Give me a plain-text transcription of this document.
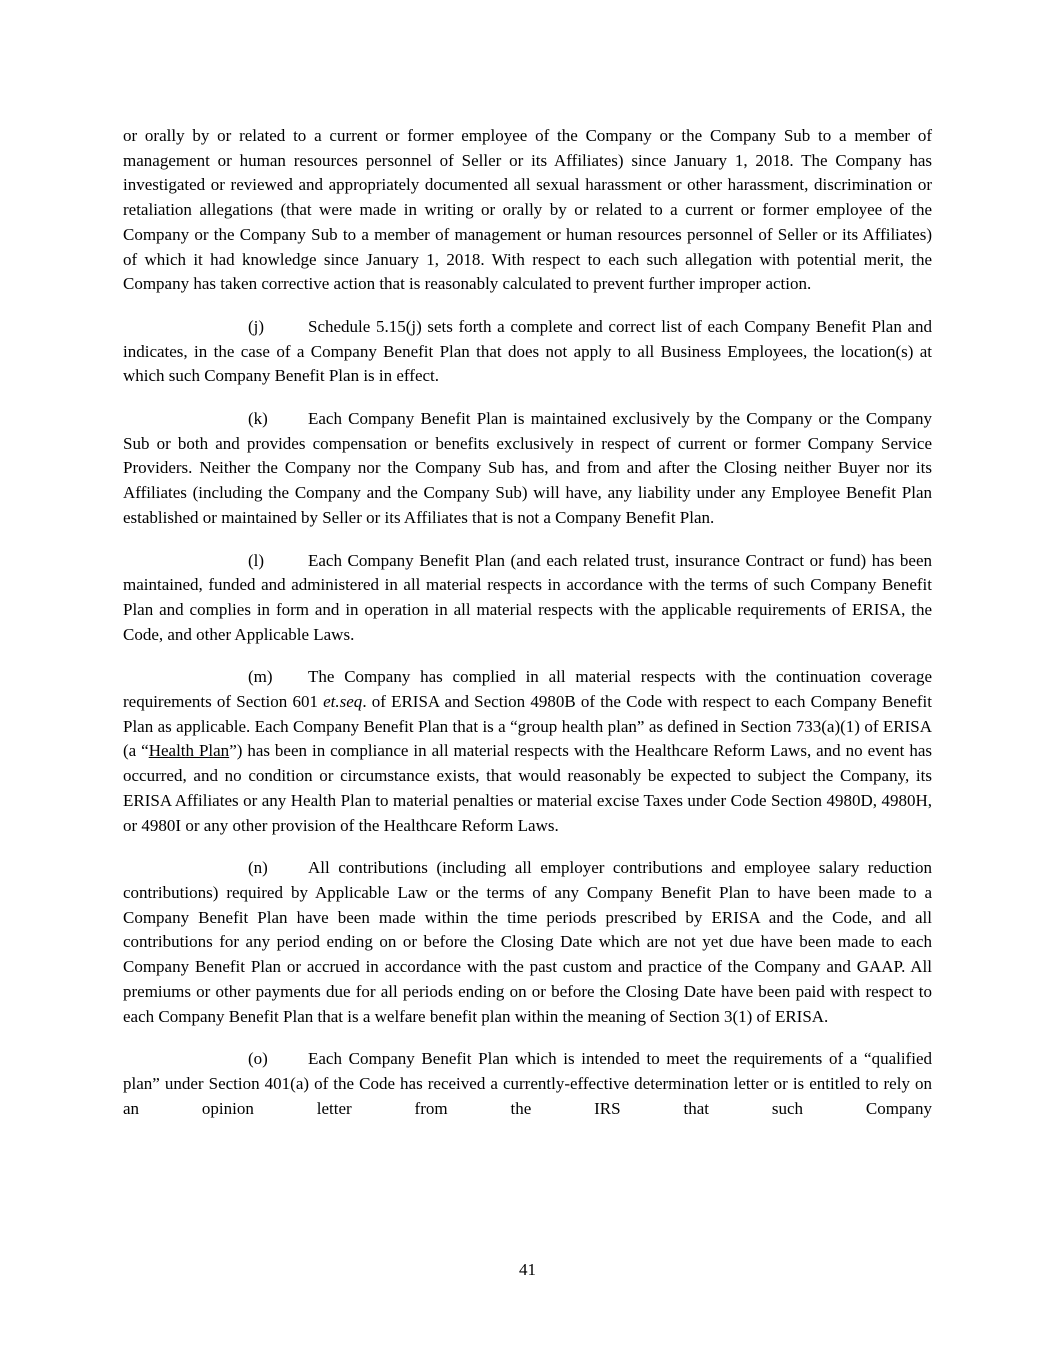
or orally by or related to a current or former employee of the Company or the Company Sub to a member of management or human resources personnel of Seller or its Affiliates) since January 1, 2018. The Company has investigated or reviewed and appropriately documented all sexual harassment or other harassment, discrimination or retaliation allegations (that were made in writing or orally by or related to a current or former employee of the Company or the Company Sub to a member of management or human resources personnel of Seller or its Affiliates) of which it had knowledge since January 1, 2018. With respect to each such allegation with potential merit, the Company has taken corrective action that is reasonably calculated to prevent further improper action.

(j)	Schedule 5.15(j) sets forth a complete and correct list of each Company Benefit Plan and indicates, in the case of a Company Benefit Plan that does not apply to all Business Employees, the location(s) at which such Company Benefit Plan is in effect.

(k) Each Company Benefit Plan is maintained exclusively by the Company or the Company Sub or both and provides compensation or benefits exclusively in respect of current or former Company Service Providers. Neither the Company nor the Company Sub has, and from and after the Closing neither Buyer nor its Affiliates (including the Company and the Company Sub) will have, any liability under any Employee Benefit Plan established or maintained by Seller or its Affiliates that is not a Company Benefit Plan.

(l)	Each Company Benefit Plan (and each related trust, insurance Contract or fund) has been maintained, funded and administered in all material respects in accordance with the terms of such Company Benefit Plan and complies in form and in operation in all material respects with the applicable requirements of ERISA, the Code, and other Applicable Laws.

(m) The Company has complied in all material respects with the continuation coverage requirements of Section 601 et.seq. of ERISA and Section 4980B of the Code with respect to each Company Benefit Plan as applicable. Each Company Benefit Plan that is a “group health plan” as defined in Section 733(a)(1) of ERISA (a “Health Plan”) has been in compliance in all material respects with the Healthcare Reform Laws, and no event has occurred, and no condition or circumstance exists, that would reasonably be expected to subject the Company, its ERISA Affiliates or any Health Plan to material penalties or material excise Taxes under Code Section 4980D, 4980H, or 4980I or any other provision of the Healthcare Reform Laws.

(n) All contributions (including all employer contributions and employee salary reduction contributions) required by Applicable Law or the terms of any Company Benefit Plan to have been made to a Company Benefit Plan have been made within the time periods prescribed by ERISA and the Code, and all contributions for any period ending on or before the Closing Date which are not yet due have been made to each Company Benefit Plan or accrued in accordance with the past custom and practice of the Company and GAAP. All premiums or other payments due for all periods ending on or before the Closing Date have been paid with respect to each Company Benefit Plan that is a welfare benefit plan within the meaning of Section 3(1) of ERISA.

(o) Each Company Benefit Plan which is intended to meet the requirements of a “qualified plan” under Section 401(a) of the Code has received a currently-effective determination letter or is entitled to rely on an opinion letter from the IRS that such Company

41
